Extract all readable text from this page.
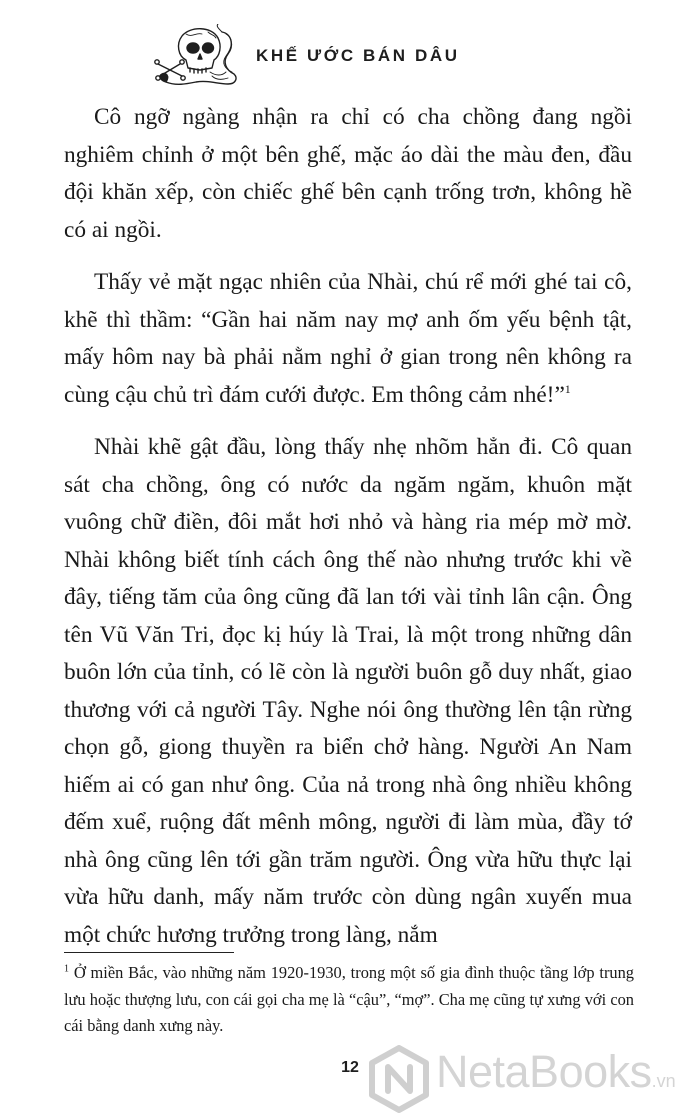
KHẾ ƯỚC BÁN DÂU

Cô ngỡ ngàng nhận ra chỉ có cha chồng đang ngồi nghiêm chỉnh ở một bên ghế, mặc áo dài the màu đen, đầu đội khăn xếp, còn chiếc ghế bên cạnh trống trơn, không hề có ai ngồi.

Thấy vẻ mặt ngạc nhiên của Nhài, chú rể mới ghé tai cô, khẽ thì thầm: “Gần hai năm nay mợ anh ốm yếu bệnh tật, mấy hôm nay bà phải nằm nghỉ ở gian trong nên không ra cùng cậu chủ trì đám cưới được. Em thông cảm nhé!”$^1$

Nhài khẽ gật đầu, lòng thấy nhẹ nhõm hẳn đi. Cô quan sát cha chồng, ông có nước da ngăm ngăm, khuôn mặt vuông chữ điền, đôi mắt hơi nhỏ và hàng ria mép mờ mờ. Nhài không biết tính cách ông thế nào nhưng trước khi về đây, tiếng tăm của ông cũng đã lan tới vài tỉnh lân cận. Ông tên Vũ Văn Tri, đọc kị húy là Trai, là một trong những dân buôn lớn của tỉnh, có lẽ còn là người buôn gỗ duy nhất, giao thương với cả người Tây. Nghe nói ông thường lên tận rừng chọn gỗ, giong thuyền ra biển chở hàng. Người An Nam hiếm ai có gan như ông. Của nả trong nhà ông nhiều không đếm xuể, ruộng đất mênh mông, người đi làm mùa, đầy tớ nhà ông cũng lên tới gần trăm người. Ông vừa hữu thực lại vừa hữu danh, mấy năm trước còn dùng ngân xuyến mua một chức hương trưởng trong làng, nắm

$^1$ Ở miền Bắc, vào những năm 1920-1930, trong một số gia đình thuộc tầng lớp trung lưu hoặc thượng lưu, con cái gọi cha mẹ là “cậu”, “mợ”. Cha mẹ cũng tự xưng với con cái bằng danh xưng này.
12	NetaBooks.vn
